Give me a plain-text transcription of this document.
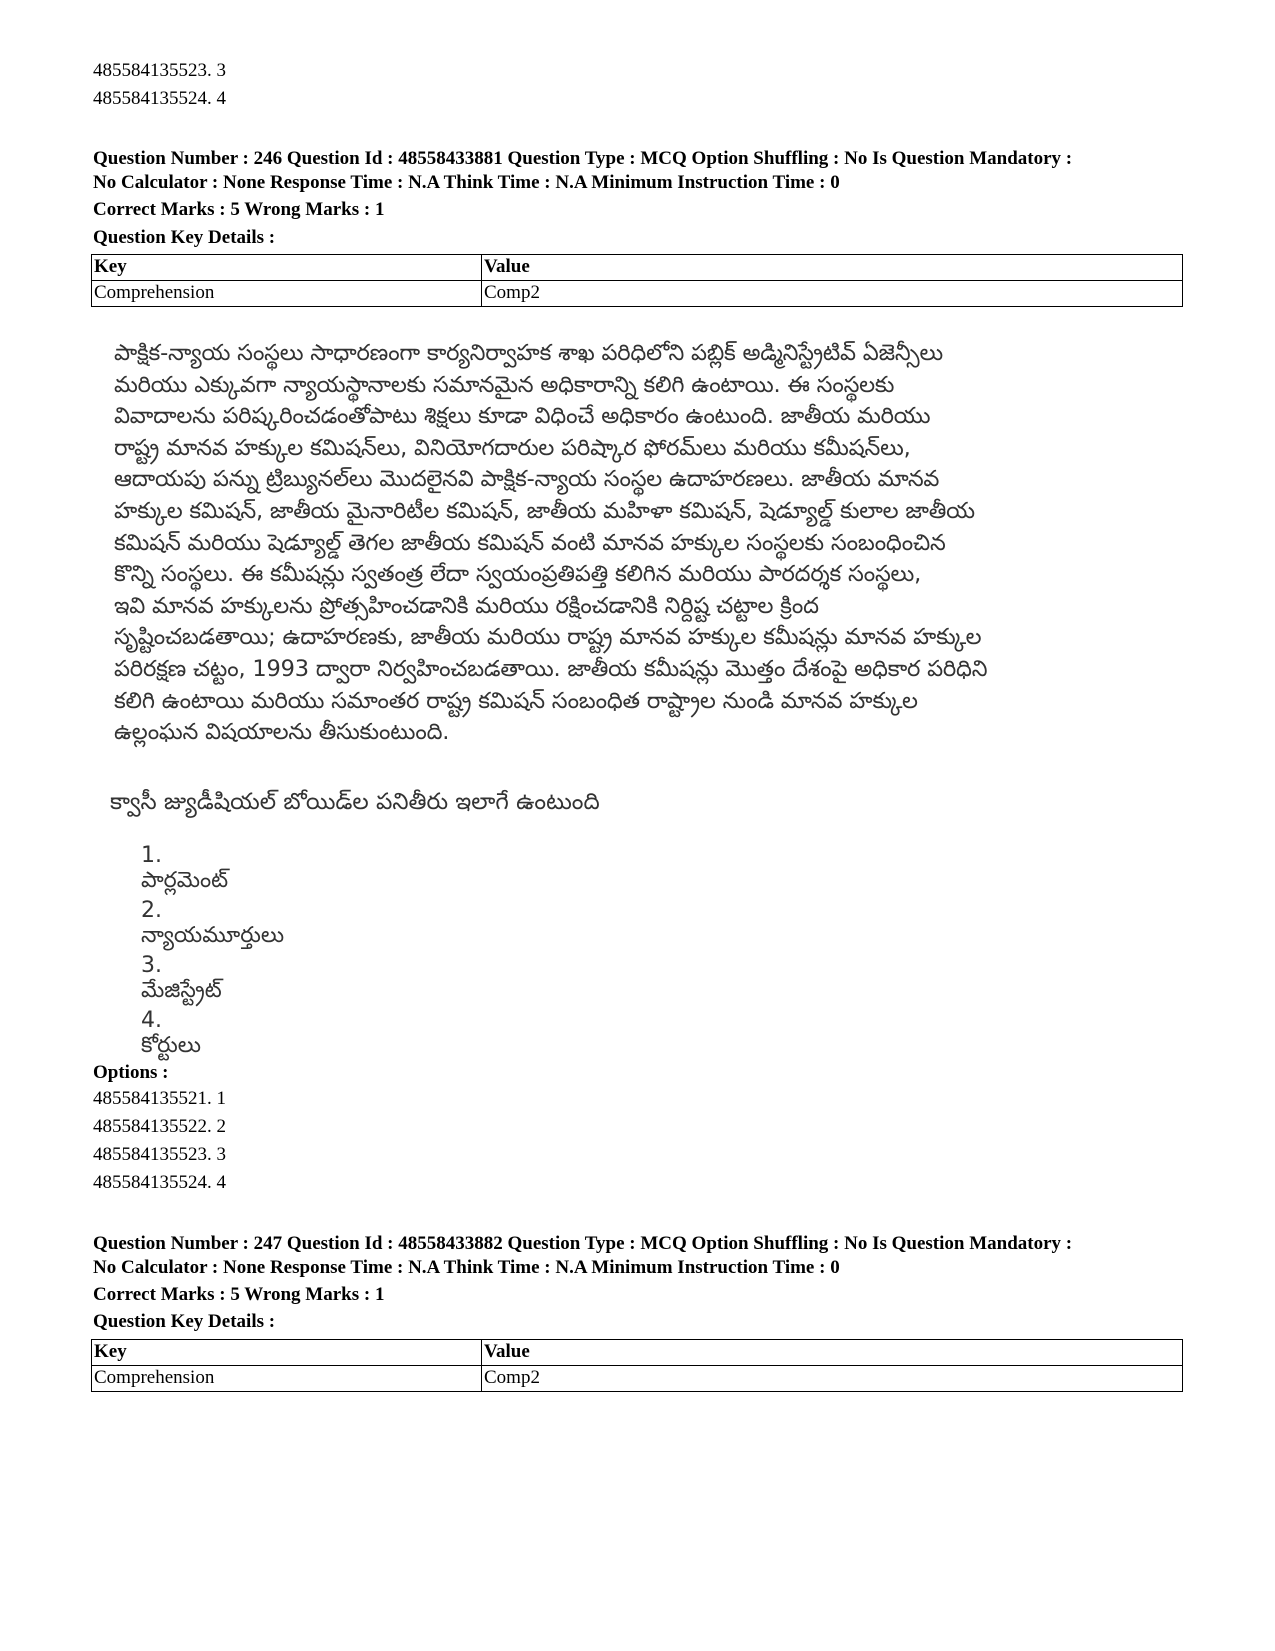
485584135523. 3
485584135524. 4
Question Number : 246 Question Id : 48558433881 Question Type : MCQ Option Shuffling : No Is Question Mandatory :
No Calculator : None Response Time : N.A Think Time : N.A Minimum Instruction Time : 0
Correct Marks : 5 Wrong Marks : 1
Question Key Details :
Key	Value
Comprehension	Comp2
పాక్షిక-న్యాయ సంస్థలు సాధారణంగా కార్యనిర్వాహక శాఖ పరిధిలోని పబ్లిక్ అడ్మినిస్ట్రేటివ్ ఏజెన్సీలు
మరియు ఎక్కువగా న్యాయస్థానాలకు సమానమైన అధికారాన్ని కలిగి ఉంటాయి. ఈ సంస్థలకు
వివాదాలను పరిష్కరించడంతోపాటు శిక్షలు కూడా విధించే అధికారం ఉంటుంది. జాతీయ మరియు
రాష్ట్ర మానవ హక్కుల కమిషన్‌లు, వినియోగదారుల పరిష్కార ఫోరమ్‌లు మరియు కమీషన్‌లు,
ఆదాయపు పన్ను ట్రిబ్యునల్‌లు మొదలైనవి పాక్షిక-న్యాయ సంస్థల ఉదాహరణలు. జాతీయ మానవ
హక్కుల కమిషన్, జాతీయ మైనారిటీల కమిషన్, జాతీయ మహిళా కమిషన్, షెడ్యూల్డ్ కులాల జాతీయ
కమిషన్ మరియు షెడ్యూల్డ్ తెగల జాతీయ కమిషన్ వంటి మానవ హక్కుల సంస్థలకు సంబంధించిన
కొన్ని సంస్థలు. ఈ కమీషన్లు స్వతంత్ర లేదా స్వయంప్రతిపత్తి కలిగిన మరియు పారదర్శక సంస్థలు,
ఇవి మానవ హక్కులను ప్రోత్సహించడానికి మరియు రక్షించడానికి నిర్దిష్ట చట్టాల క్రింద
సృష్టించబడతాయి; ఉదాహరణకు, జాతీయ మరియు రాష్ట్ర మానవ హక్కుల కమీషన్లు మానవ హక్కుల
పరిరక్షణ చట్టం, 1993 ద్వారా నిర్వహించబడతాయి. జాతీయ కమీషన్లు మొత్తం దేశంపై అధికార పరిధిని
కలిగి ఉంటాయి మరియు సమాంతర రాష్ట్ర కమిషన్ సంబంధిత రాష్ట్రాల నుండి మానవ హక్కుల
ఉల్లంఘన విషయాలను తీసుకుంటుంది.
క్వాసీ జ్యుడీషియల్ బోయిడ్‌ల పనితీరు ఇలాగే ఉంటుంది
1. పార్లమెంట్
2. న్యాయమూర్తులు
3. మేజిస్ట్రేట్
4. కోర్టులు
Options :
485584135521. 1
485584135522. 2
485584135523. 3
485584135524. 4
Question Number : 247 Question Id : 48558433882 Question Type : MCQ Option Shuffling : No Is Question Mandatory :
No Calculator : None Response Time : N.A Think Time : N.A Minimum Instruction Time : 0
Correct Marks : 5 Wrong Marks : 1
Question Key Details :
Key	Value
Comprehension	Comp2
